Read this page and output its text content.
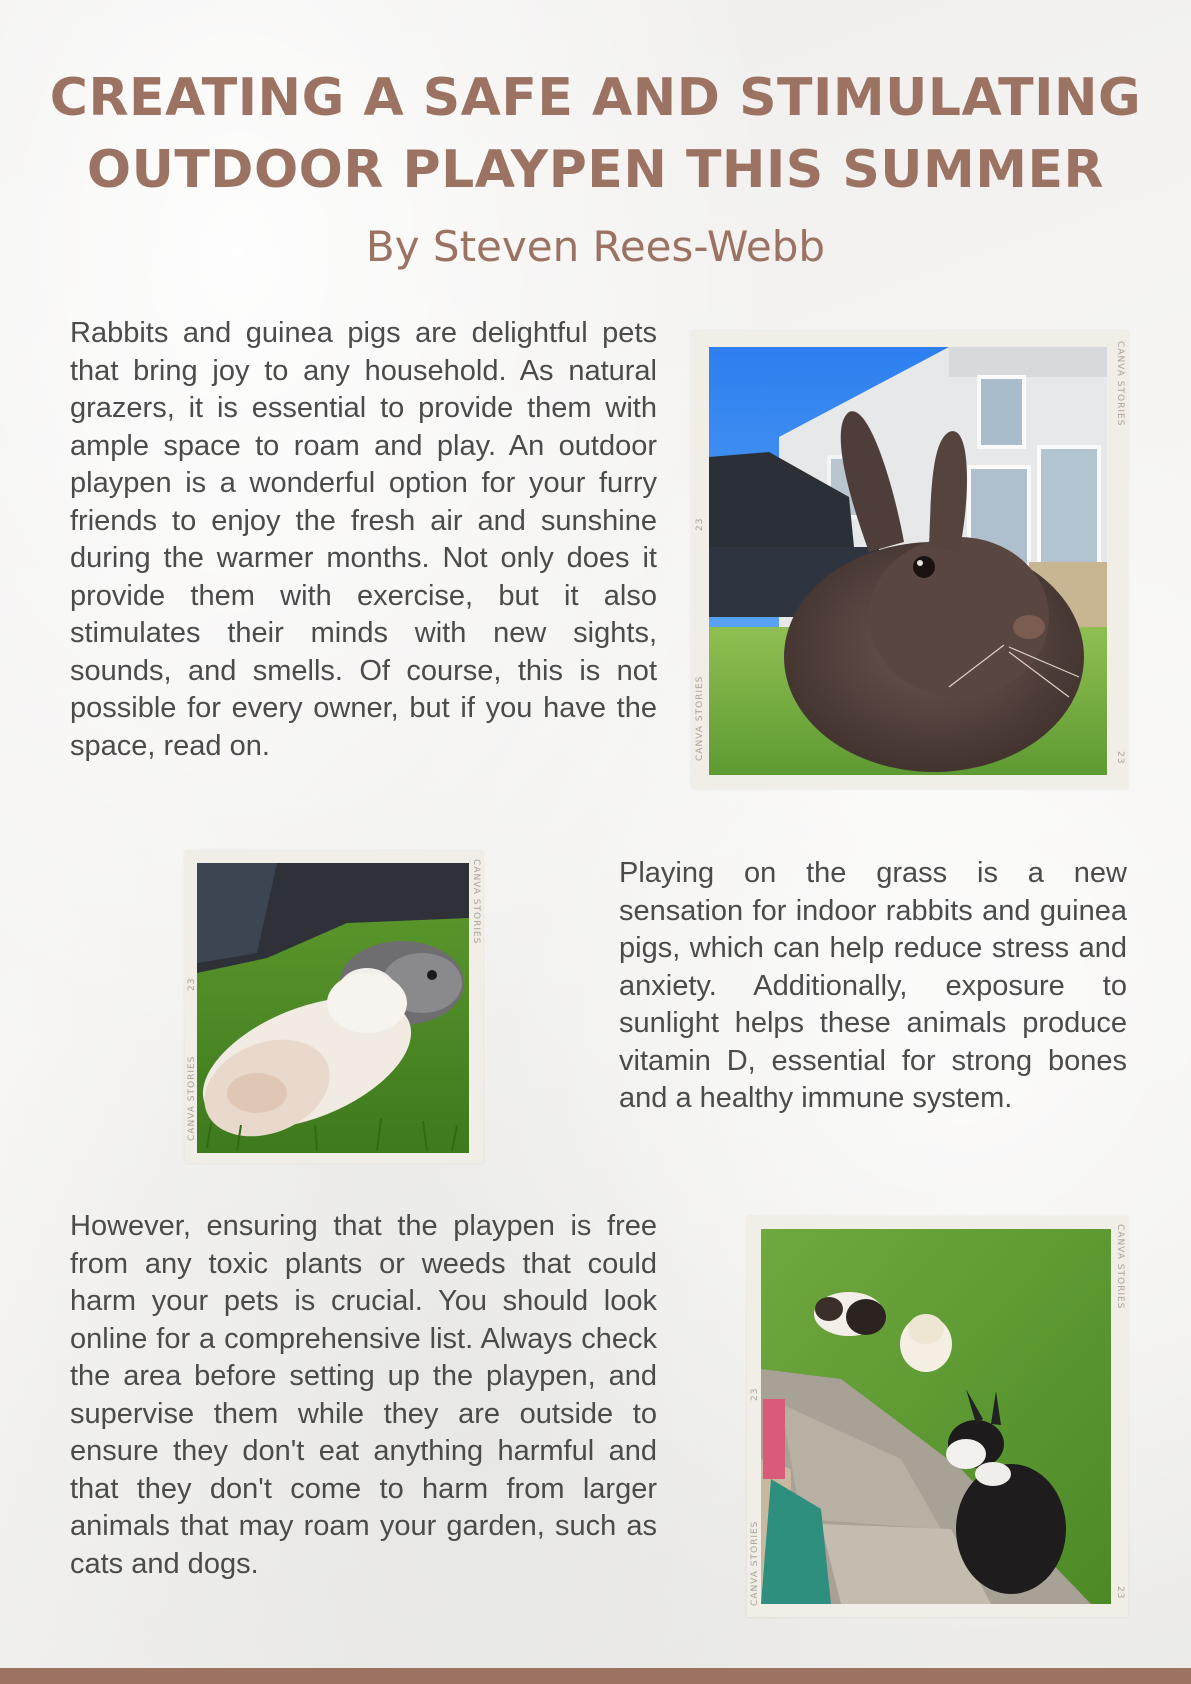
CREATING A SAFE AND STIMULATING
OUTDOOR PLAYPEN THIS SUMMER
By Steven Rees-Webb

Rabbits and guinea pigs are delightful pets that bring joy to any household. As natural grazers, it is essential to provide them with ample space to roam and play. An outdoor playpen is a wonderful option for your furry friends to enjoy the fresh air and sunshine during the warmer months. Not only does it provide them with exercise, but it also stimulates their minds with new sights, sounds, and smells. Of course, this is not possible for every owner, but if you have the space, read on.	CANVA STORIES
23
CANVA STORIES
23
CANVA STORIES
23
CANVA STORIES	Playing on the grass is a new sensation for indoor rabbits and guinea pigs, which can help reduce stress and anxiety. Additionally, exposure to sunlight helps these animals produce vitamin D, essential for strong bones and a healthy immune system.

However, ensuring that the playpen is free from any toxic plants or weeds that could harm your pets is crucial. You should look online for a comprehensive list. Always check the area before setting up the playpen, and supervise them while they are outside to ensure they don't eat anything harmful and that they don't come to harm from larger animals that may roam your garden, such as cats and dogs.	CANVA STORIES
23
CANVA STORIES
23
